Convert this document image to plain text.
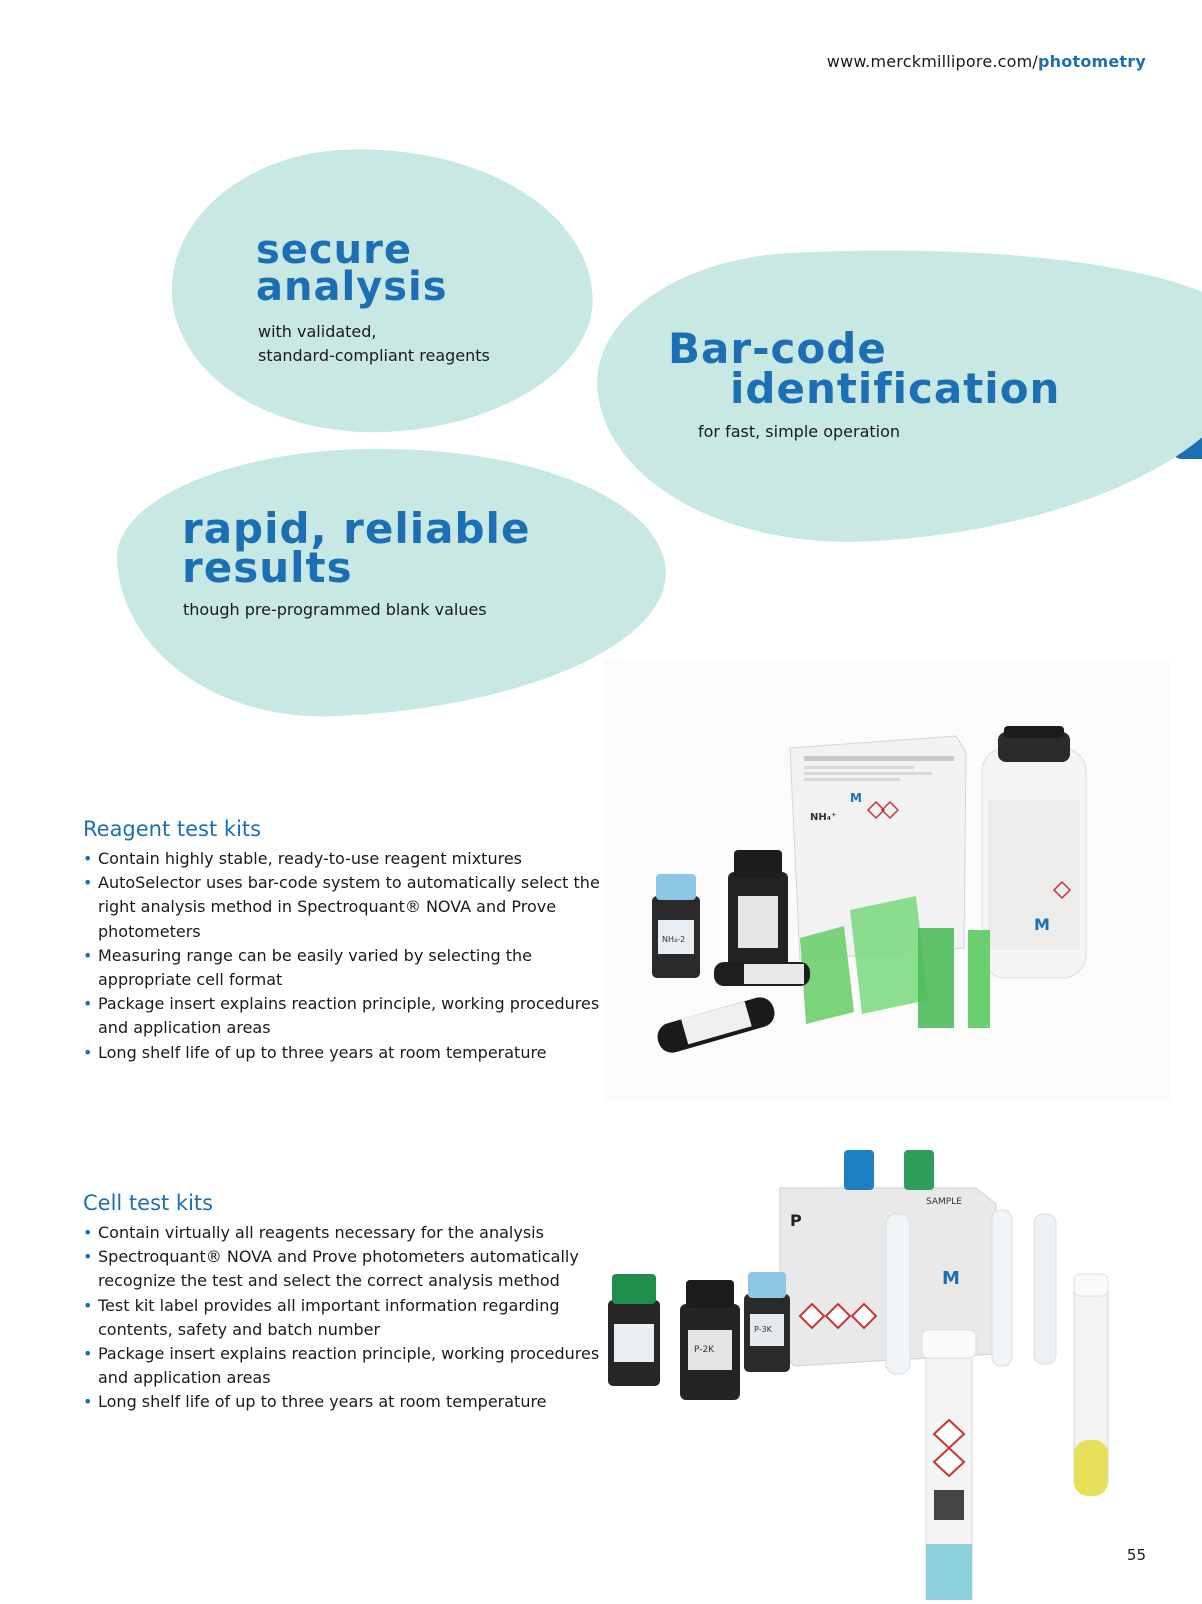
www.merckmillipore.com/photometry
secure analysis
with validated,
standard-compliant reagents	Bar-code
identification
for fast, simple operation
rapid, reliable
results
though pre-programmed blank values
Reagent test kits
• Contain highly stable, ready-to-use reagent mixtures
• AutoSelector uses bar-code system to automatically select the right analysis method in Spectroquant® NOVA and Prove photometers
• Measuring range can be easily varied by selecting the appropriate cell format
• Package insert explains reaction principle, working procedures and application areas
• Long shelf life of up to three years at room temperature
Cell test kits
• Contain virtually all reagents necessary for the analysis
• Spectroquant® NOVA and Prove photometers automatically recognize the test and select the correct analysis method
• Test kit label provides all important information regarding contents, safety and batch number
• Package insert explains reaction principle, working procedures and application areas
• Long shelf life of up to three years at room temperature
NH₄⁺
M
M
NH₄-2
P
SAMPLE
M
P-2K
P-3K
55
